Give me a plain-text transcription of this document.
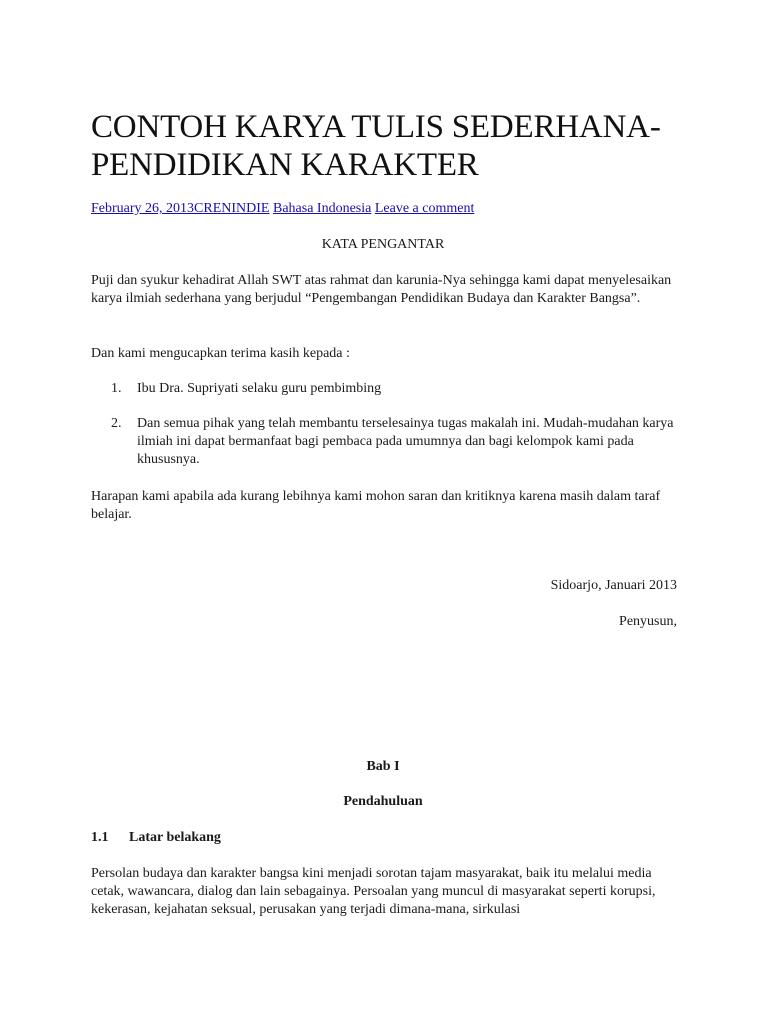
CONTOH KARYA TULIS SEDERHANA-PENDIDIKAN KARAKTER
February 26, 2013CRENINDIE Bahasa Indonesia Leave a comment

KATA PENGANTAR

Puji dan syukur kehadirat Allah SWT atas rahmat dan karunia-Nya sehingga kami dapat menyelesaikan karya ilmiah sederhana yang berjudul “Pengembangan Pendidikan Budaya dan Karakter Bangsa”.

Dan kami mengucapkan terima kasih kepada :

1. Ibu Dra. Supriyati selaku guru pembimbing
2. Dan semua pihak yang telah membantu terselesainya tugas makalah ini. Mudah-mudahan karya ilmiah ini dapat bermanfaat bagi pembaca pada umumnya dan bagi kelompok kami pada khususnya.

Harapan kami apabila ada kurang lebihnya kami mohon saran dan kritiknya karena masih dalam taraf belajar.

Sidoarjo, Januari 2013
Penyusun,

Bab I

Pendahuluan

1.1 Latar belakang

Persolan budaya dan karakter bangsa kini menjadi sorotan tajam masyarakat, baik itu melalui media cetak, wawancara, dialog dan lain sebagainya. Persoalan yang muncul di masyarakat seperti korupsi, kekerasan, kejahatan seksual, perusakan yang terjadi dimana-mana, sirkulasi
